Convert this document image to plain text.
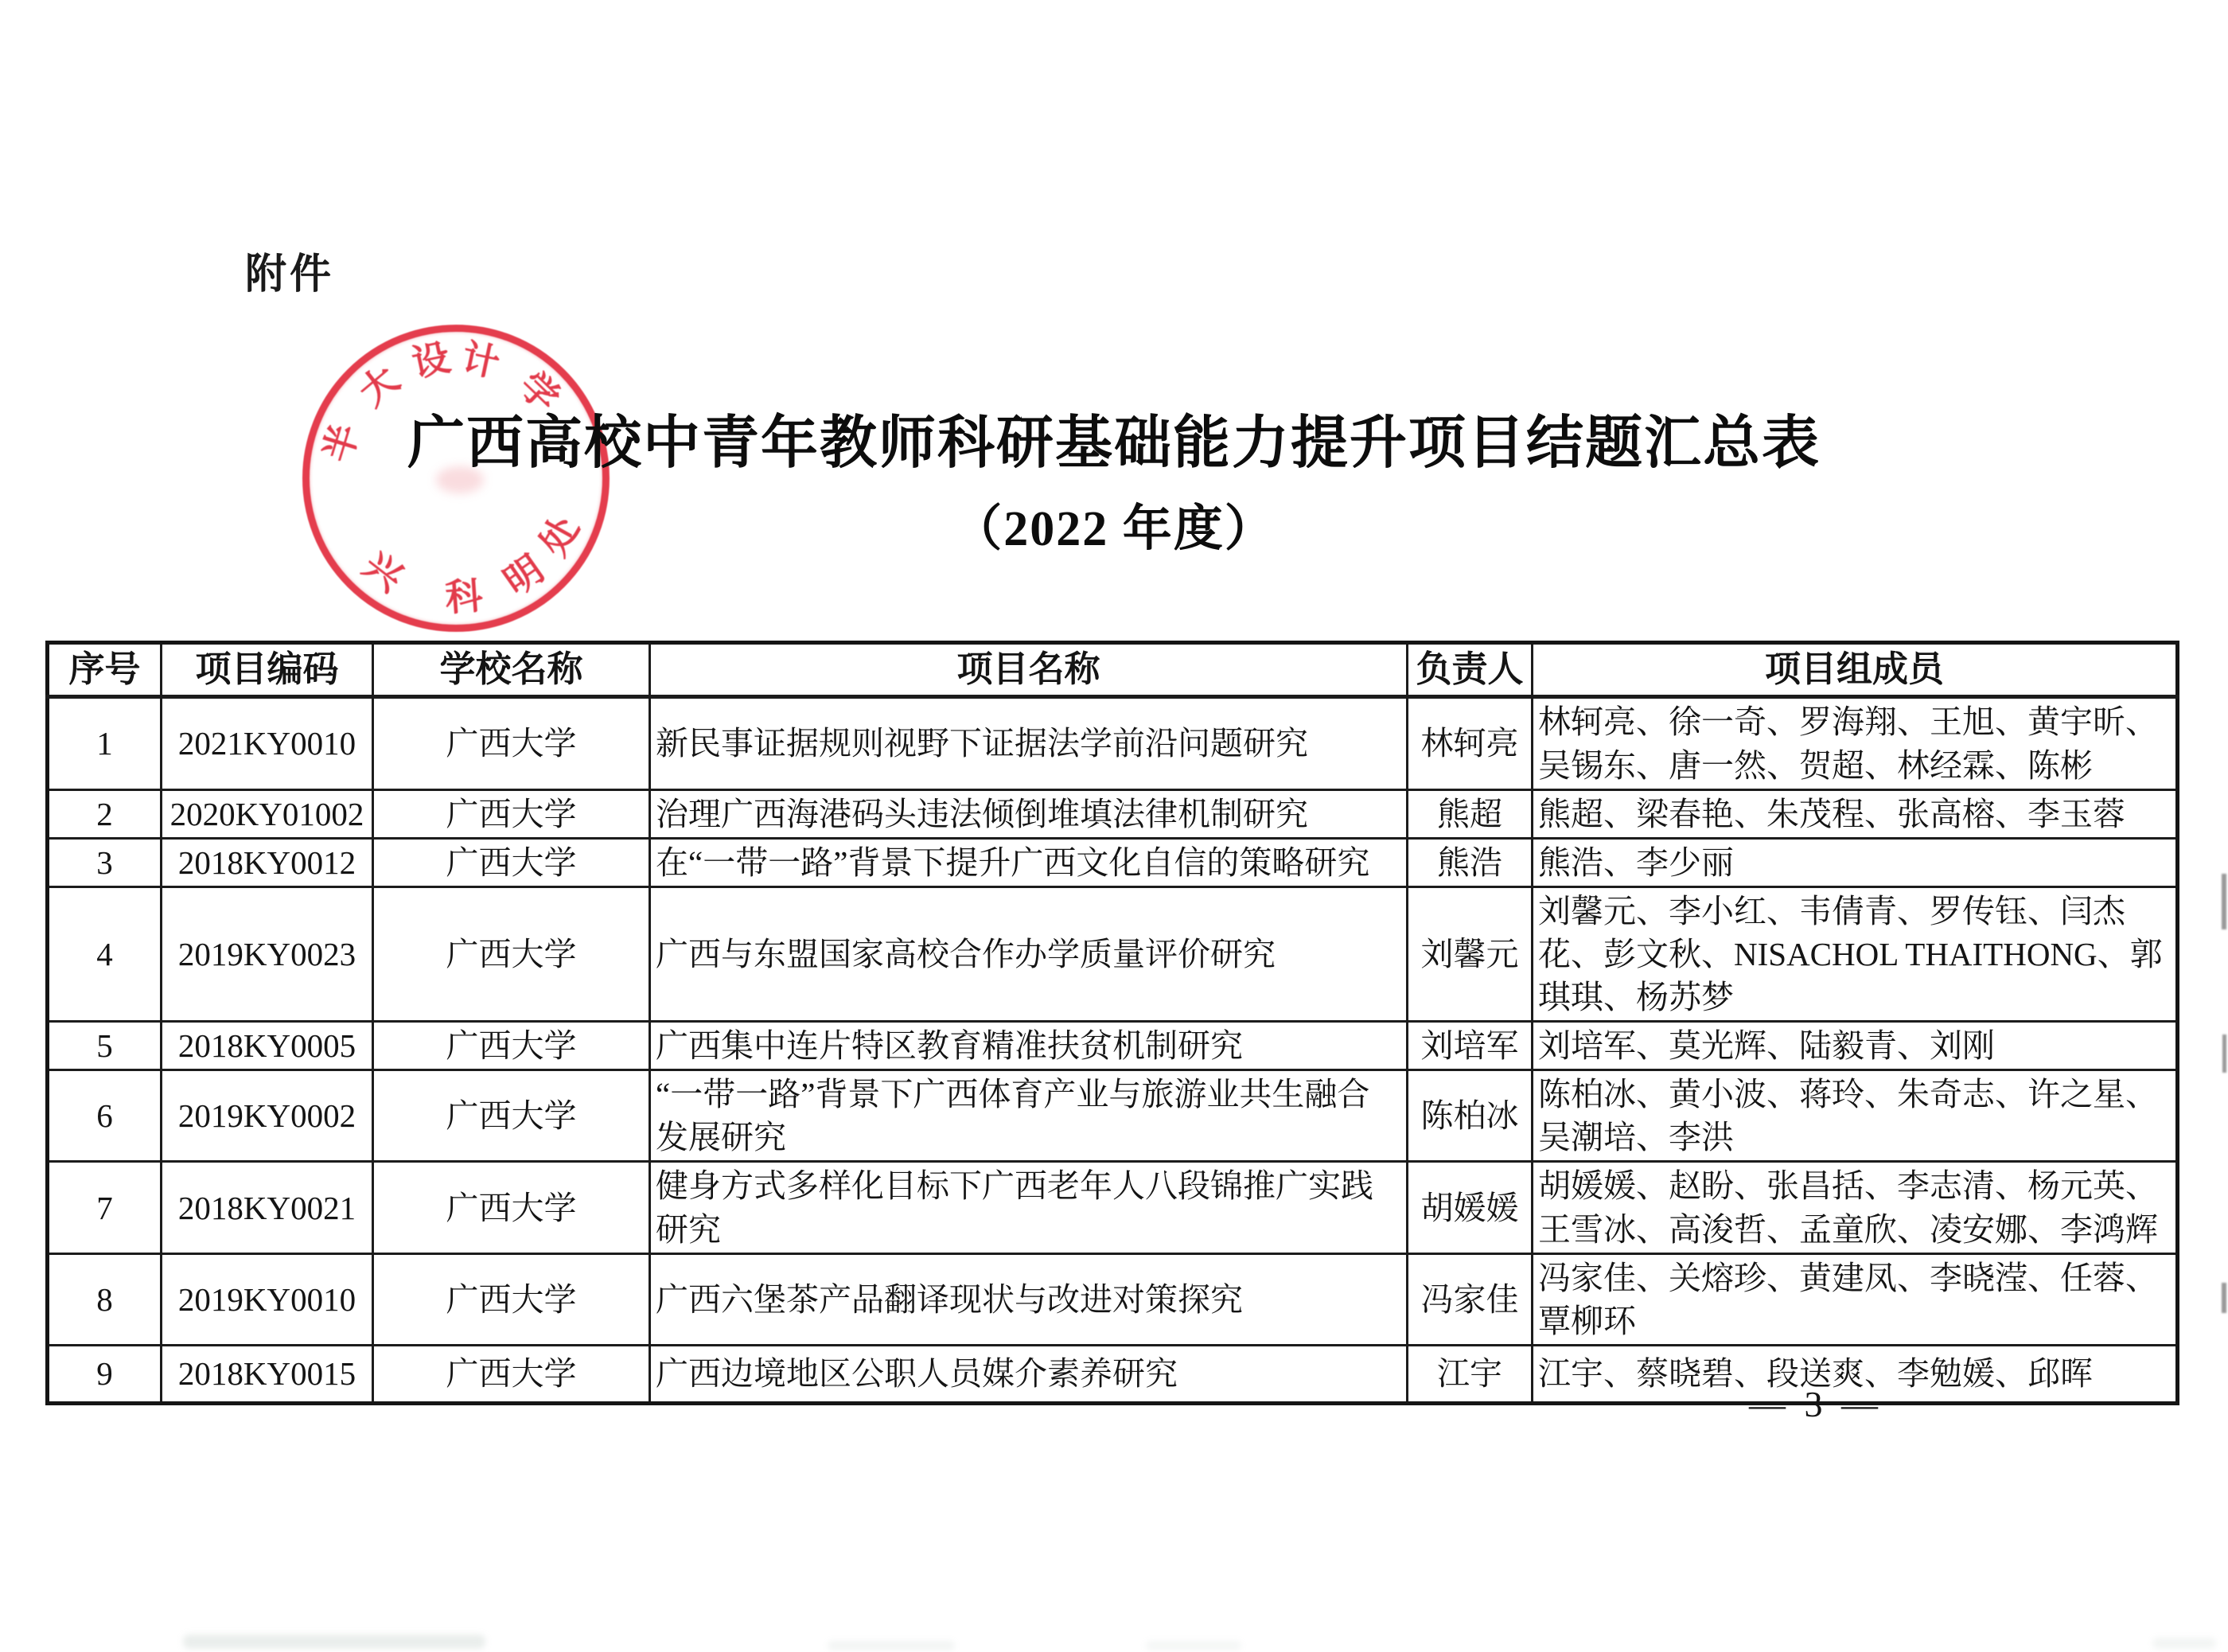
附件
半
大 设 计
学
处
明
科
兴
广西高校中青年教师科研基础能力提升项目结题汇总表
（2022 年度）
序号	项目编码	学校名称	项目名称	负责人	项目组成员
1	2021KY0010	广西大学	新民事证据规则视野下证据法学前沿问题研究	林轲亮	林轲亮、徐一奇、罗海翔、王旭、黄宇昕、吴锡东、唐一然、贺超、林经霖、陈彬
2	2020KY01002	广西大学	治理广西海港码头违法倾倒堆填法律机制研究	熊超	熊超、梁春艳、朱茂程、张高榕、李玉蓉
3	2018KY0012	广西大学	在“一带一路”背景下提升广西文化自信的策略研究	熊浩	熊浩、李少丽
4	2019KY0023	广西大学	广西与东盟国家高校合作办学质量评价研究	刘馨元	刘馨元、李小红、韦倩青、罗传钰、闫杰花、彭文秋、NISACHOL THAITHONG、郭琪琪、杨苏梦
5	2018KY0005	广西大学	广西集中连片特区教育精准扶贫机制研究	刘培军	刘培军、莫光辉、陆毅青、刘刚
6	2019KY0002	广西大学	“一带一路”背景下广西体育产业与旅游业共生融合发展研究	陈柏冰	陈柏冰、黄小波、蒋玲、朱奇志、许之星、吴潮培、李洪
7	2018KY0021	广西大学	健身方式多样化目标下广西老年人八段锦推广实践研究	胡媛媛	胡媛媛、赵盼、张昌括、李志清、杨元英、王雪冰、高浚哲、孟童欣、凌安娜、李鸿辉
8	2019KY0010	广西大学	广西六堡茶产品翻译现状与改进对策探究	冯家佳	冯家佳、关熔珍、黄建凤、李晓滢、任蓉、覃柳环
9	2018KY0015	广西大学	广西边境地区公职人员媒介素养研究	江宇	江宇、蔡晓碧、段送爽、李勉媛、邱晖
— 3 —
